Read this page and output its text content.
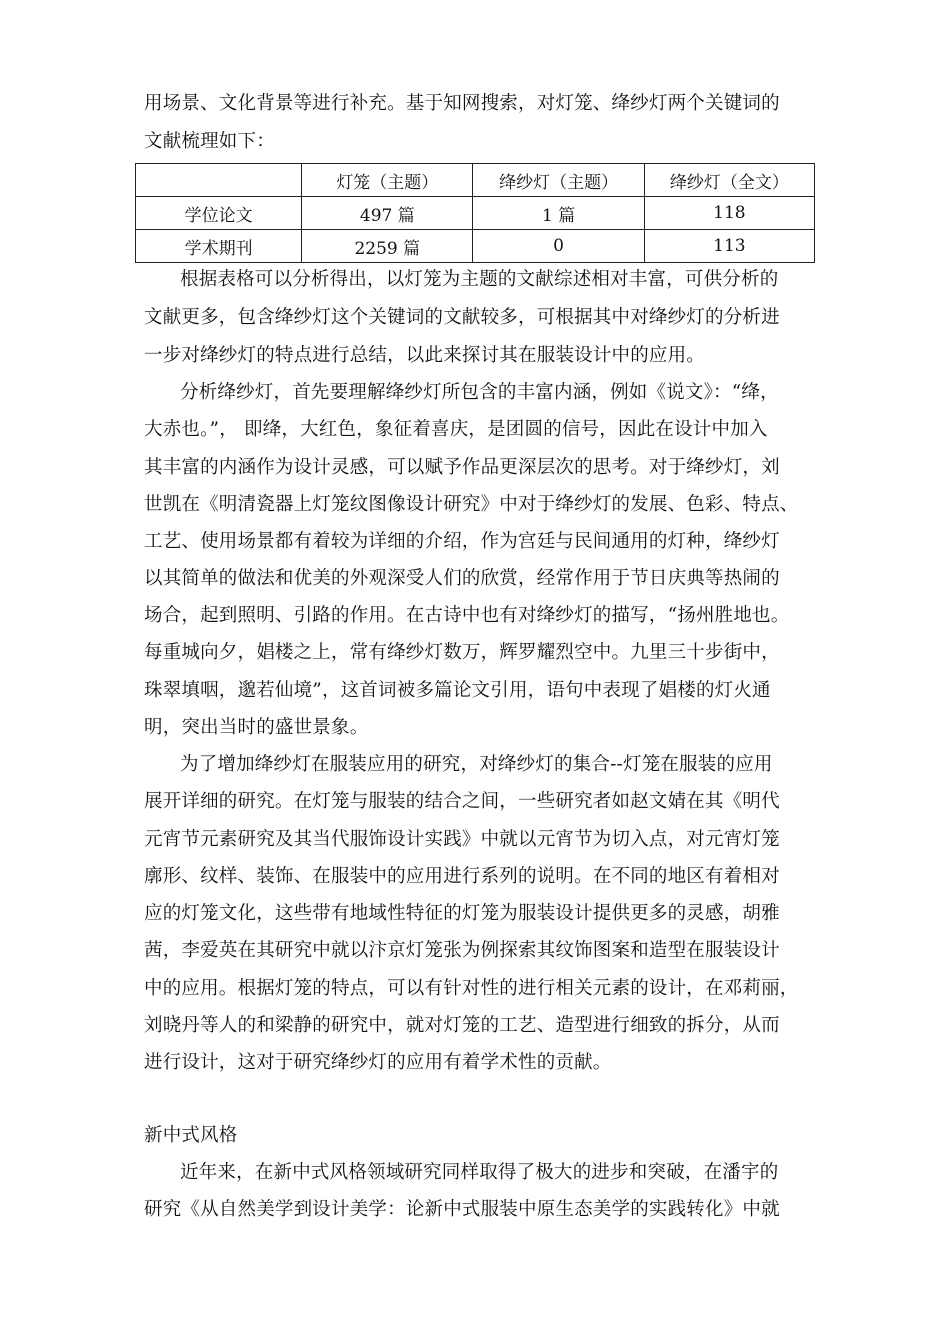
用场景、文化背景等进行补充。基于知网搜索，对灯笼、绛纱灯两个关键词的
文献梳理如下：
	灯笼（主题）	绛纱灯（主题）	绛纱灯（全文）
学位论文	497 篇	1 篇	118
学术期刊	2259 篇	0	113
根据表格可以分析得出，以灯笼为主题的文献综述相对丰富，可供分析的
文献更多，包含绛纱灯这个关键词的文献较多，可根据其中对绛纱灯的分析进
一步对绛纱灯的特点进行总结，以此来探讨其在服装设计中的应用。
分析绛纱灯，首先要理解绛纱灯所包含的丰富内涵，例如《说文》：“绛，
大赤也。”， 即绛，大红色，象征着喜庆，是团圆的信号，因此在设计中加入
其丰富的内涵作为设计灵感，可以赋予作品更深层次的思考。对于绛纱灯，刘
世凯在《明清瓷器上灯笼纹图像设计研究》中对于绛纱灯的发展、色彩、特点、
工艺、使用场景都有着较为详细的介绍，作为宫廷与民间通用的灯种，绛纱灯
以其简单的做法和优美的外观深受人们的欣赏，经常作用于节日庆典等热闹的
场合，起到照明、引路的作用。在古诗中也有对绛纱灯的描写，“扬州胜地也。
每重城向夕，娼楼之上，常有绛纱灯数万，辉罗耀烈空中。九里三十步街中，
珠翠填咽，邈若仙境”，这首词被多篇论文引用，语句中表现了娼楼的灯火通
明，突出当时的盛世景象。
为了增加绛纱灯在服装应用的研究，对绛纱灯的集合--灯笼在服装的应用
展开详细的研究。在灯笼与服装的结合之间，一些研究者如赵文婧在其《明代
元宵节元素研究及其当代服饰设计实践》中就以元宵节为切入点，对元宵灯笼
廓形、纹样、装饰、在服装中的应用进行系列的说明。在不同的地区有着相对
应的灯笼文化，这些带有地域性特征的灯笼为服装设计提供更多的灵感，胡雅
茜，李爱英在其研究中就以汴京灯笼张为例探索其纹饰图案和造型在服装设计
中的应用。根据灯笼的特点，可以有针对性的进行相关元素的设计，在邓莉丽，
刘晓丹等人的和梁静的研究中，就对灯笼的工艺、造型进行细致的拆分，从而
进行设计，这对于研究绛纱灯的应用有着学术性的贡献。
新中式风格
近年来，在新中式风格领域研究同样取得了极大的进步和突破，在潘宇的
研究《从自然美学到设计美学：论新中式服装中原生态美学的实践转化》中就
